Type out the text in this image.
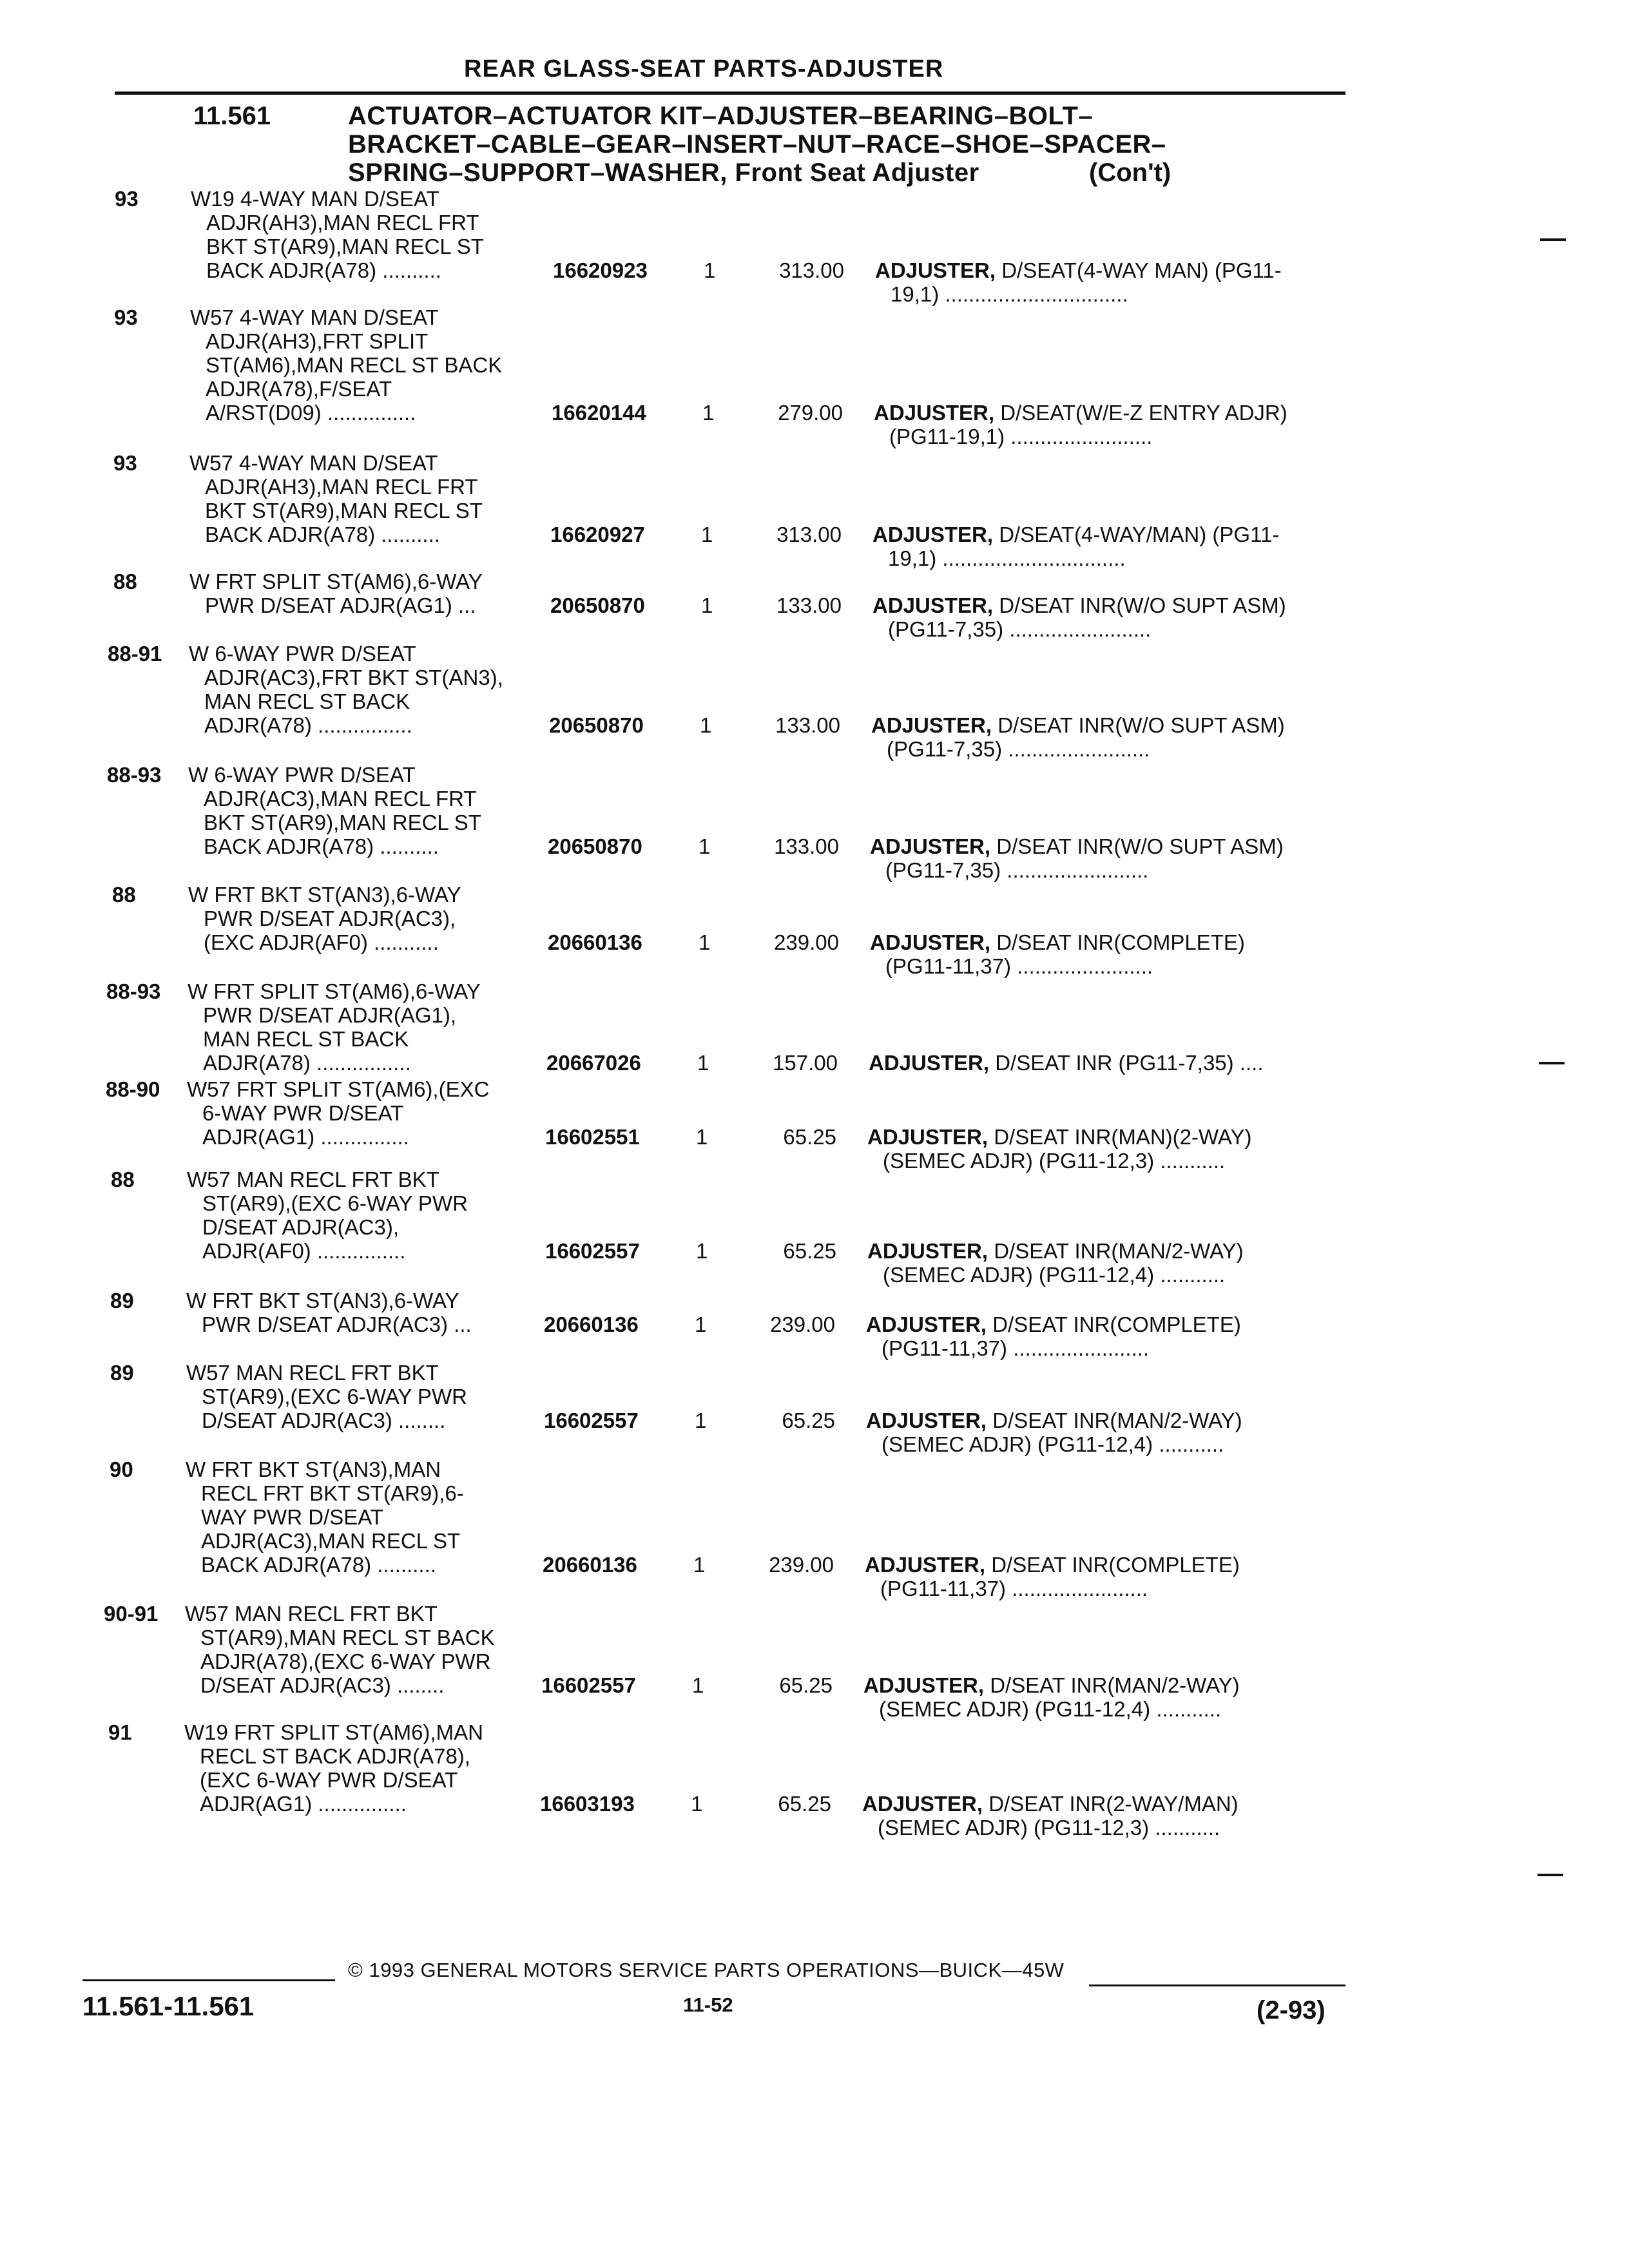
REAR GLASS-SEAT PARTS-ADJUSTER
11.561	ACTUATOR–ACTUATOR KIT–ADJUSTER–BEARING–BOLT–
BRACKET–CABLE–GEAR–INSERT–NUT–RACE–SHOE–SPACER–
SPRING–SUPPORT–WASHER, Front Seat Adjuster	(Con't)
93 W19 4-WAY MAN D/SEAT
ADJR(AH3),MAN RECL FRT
BKT ST(AR9),MAN RECL ST
BACK ADJR(A78) ..........	16620923	1	313.00 ADJUSTER, D/SEAT(4-WAY MAN) (PG11-
19,1) ...............................
93 W57 4-WAY MAN D/SEAT
ADJR(AH3),FRT SPLIT
ST(AM6),MAN RECL ST BACK
ADJR(A78),F/SEAT
A/RST(D09) ...............	16620144	1	279.00 ADJUSTER, D/SEAT(W/E-Z ENTRY ADJR)
(PG11-19,1) ........................
93 W57 4-WAY MAN D/SEAT
ADJR(AH3),MAN RECL FRT
BKT ST(AR9),MAN RECL ST
BACK ADJR(A78) ..........	16620927	1	313.00 ADJUSTER, D/SEAT(4-WAY/MAN) (PG11-
19,1) ...............................
88 W FRT SPLIT ST(AM6),6-WAY
PWR D/SEAT ADJR(AG1) ...	20650870	1	133.00 ADJUSTER, D/SEAT INR(W/O SUPT ASM)
(PG11-7,35) ........................
88-91 W 6-WAY PWR D/SEAT
ADJR(AC3),FRT BKT ST(AN3),
MAN RECL ST BACK
ADJR(A78) ................	20650870	1	133.00 ADJUSTER, D/SEAT INR(W/O SUPT ASM)
(PG11-7,35) ........................
88-93 W 6-WAY PWR D/SEAT
ADJR(AC3),MAN RECL FRT
BKT ST(AR9),MAN RECL ST
BACK ADJR(A78) ..........	20650870	1	133.00 ADJUSTER, D/SEAT INR(W/O SUPT ASM)
(PG11-7,35) ........................
88 W FRT BKT ST(AN3),6-WAY
PWR D/SEAT ADJR(AC3),
(EXC ADJR(AF0) ...........	20660136	1	239.00 ADJUSTER, D/SEAT INR(COMPLETE)
(PG11-11,37) .......................
88-93 W FRT SPLIT ST(AM6),6-WAY
PWR D/SEAT ADJR(AG1),
MAN RECL ST BACK
ADJR(A78) ................	20667026	1	157.00 ADJUSTER, D/SEAT INR (PG11-7,35) ....
88-90 W57 FRT SPLIT ST(AM6),(EXC
6-WAY PWR D/SEAT
ADJR(AG1) ...............	16602551	1	65.25 ADJUSTER, D/SEAT INR(MAN)(2-WAY)
(SEMEC ADJR) (PG11-12,3) ...........
88 W57 MAN RECL FRT BKT
ST(AR9),(EXC 6-WAY PWR
D/SEAT ADJR(AC3),
ADJR(AF0) ...............	16602557	1	65.25 ADJUSTER, D/SEAT INR(MAN/2-WAY)
(SEMEC ADJR) (PG11-12,4) ...........
89 W FRT BKT ST(AN3),6-WAY
PWR D/SEAT ADJR(AC3) ...	20660136	1	239.00 ADJUSTER, D/SEAT INR(COMPLETE)
(PG11-11,37) .......................
89 W57 MAN RECL FRT BKT
ST(AR9),(EXC 6-WAY PWR
D/SEAT ADJR(AC3) ........	16602557	1	65.25 ADJUSTER, D/SEAT INR(MAN/2-WAY)
(SEMEC ADJR) (PG11-12,4) ...........
90 W FRT BKT ST(AN3),MAN
RECL FRT BKT ST(AR9),6-
WAY PWR D/SEAT
ADJR(AC3),MAN RECL ST
BACK ADJR(A78) ..........	20660136	1	239.00 ADJUSTER, D/SEAT INR(COMPLETE)
(PG11-11,37) .......................
90-91 W57 MAN RECL FRT BKT
ST(AR9),MAN RECL ST BACK
ADJR(A78),(EXC 6-WAY PWR
D/SEAT ADJR(AC3) ........	16602557	1	65.25 ADJUSTER, D/SEAT INR(MAN/2-WAY)
(SEMEC ADJR) (PG11-12,4) ...........
91 W19 FRT SPLIT ST(AM6),MAN
RECL ST BACK ADJR(A78),
(EXC 6-WAY PWR D/SEAT
ADJR(AG1) ...............	16603193	1	65.25 ADJUSTER, D/SEAT INR(2-WAY/MAN)
(SEMEC ADJR) (PG11-12,3) ...........
© 1993 GENERAL MOTORS SERVICE PARTS OPERATIONS—BUICK—45W
11.561-11.561	11-52	(2-93)
